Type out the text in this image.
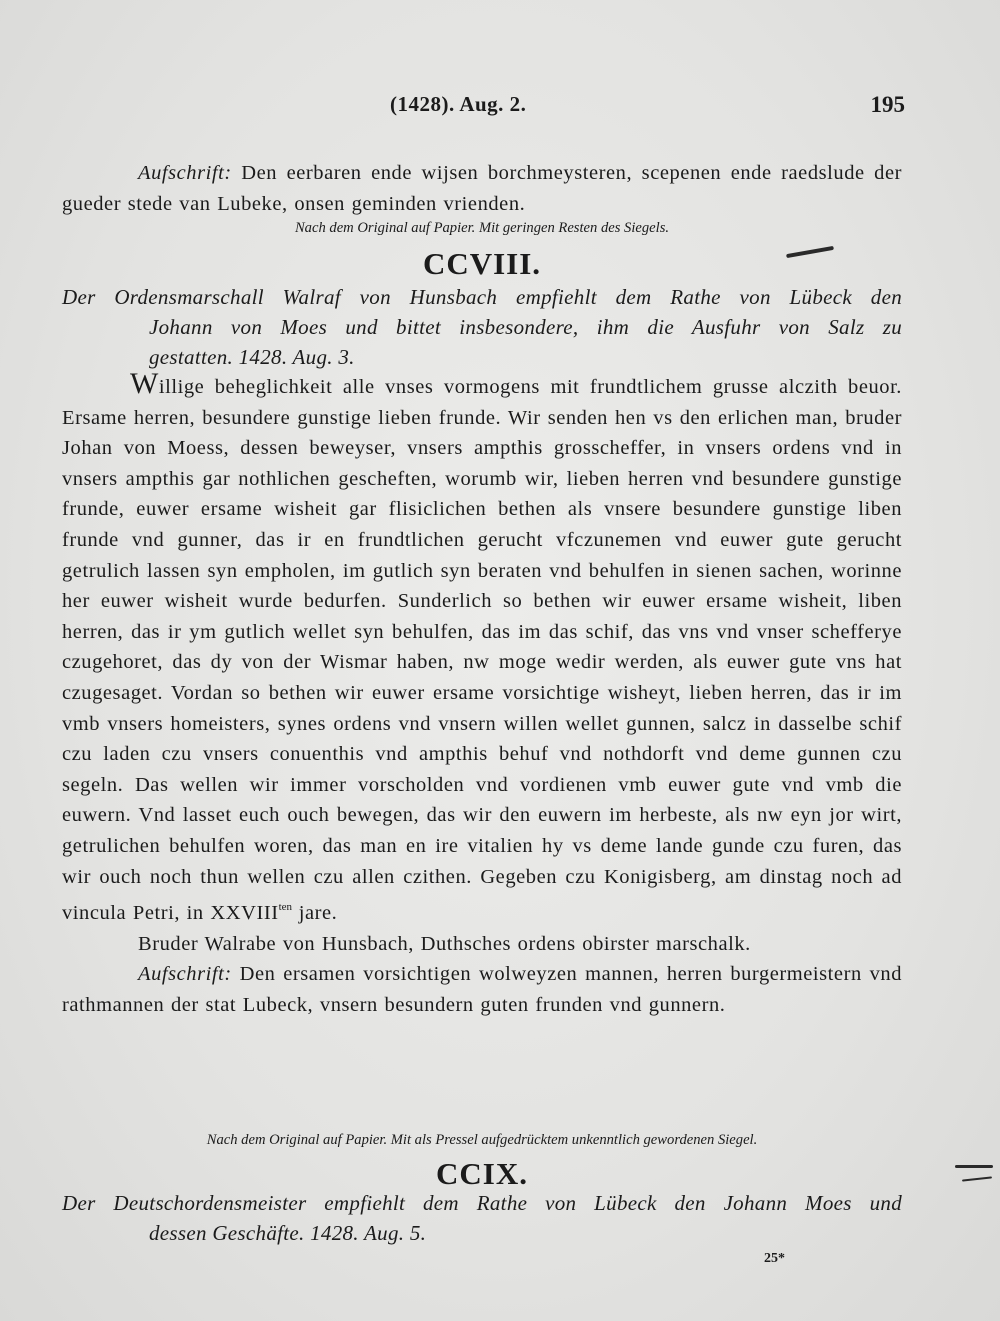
(1428). Aug. 2.	195
Aufschrift: Den eerbaren ende wijsen borchmeysteren, scepenen ende raedslude der gueder stede van Lubeke, onsen geminden vrienden.
Nach dem Original auf Papier. Mit geringen Resten des Siegels.
CCVIII.
Der Ordensmarschall Walraf von Hunsbach empfiehlt dem Rathe von Lübeck den
Johann von Moes und bittet insbesondere, ihm die Ausfuhr von Salz zu
gestatten. 1428. Aug. 3.
Willige beheglichkeit alle vnses vormogens mit frundtlichem grusse alczith beuor. Ersame herren, besundere gunstige lieben frunde. Wir senden hen vs den erlichen man, bruder Johan von Moess, dessen beweyser, vnsers ampthis grosscheffer, in vnsers ordens vnd in vnsers ampthis gar nothlichen gescheften, worumb wir, lieben herren vnd besundere gunstige frunde, euwer ersame wisheit gar flisiclichen bethen als vnsere besundere gunstige liben frunde vnd gunner, das ir en frundtlichen gerucht vfczunemen vnd euwer gute gerucht getrulich lassen syn empholen, im gutlich syn beraten vnd behulfen in sienen sachen, worinne her euwer wisheit wurde bedurfen. Sunderlich so bethen wir euwer ersame wisheit, liben herren, das ir ym gutlich wellet syn behulfen, das im das schif, das vns vnd vnser schefferye czugehoret, das dy von der Wismar haben, nw moge wedir werden, als euwer gute vns hat czugesaget. Vordan so bethen wir euwer ersame vorsichtige wisheyt, lieben herren, das ir im vmb vnsers homeisters, synes ordens vnd vnsern willen wellet gunnen, salcz in dasselbe schif czu laden czu vnsers conuenthis vnd ampthis behuf vnd nothdorft vnd deme gunnen czu segeln. Das wellen wir immer vorscholden vnd vordienen vmb euwer gute vnd vmb die euwern. Vnd lasset euch ouch bewegen, das wir den euwern im herbeste, als nw eyn jor wirt, getrulichen behulfen woren, das man en ire vitalien hy vs deme lande gunde czu furen, das wir ouch noch thun wellen czu allen czithen. Gegeben czu Konigisberg, am dinstag noch ad vincula Petri, in $XXVIII^{ten}$ jare.
Bruder Walrabe von Hunsbach, Duthsches ordens obirster marschalk.
Aufschrift: Den ersamen vorsichtigen wolweyzen mannen, herren burgermeistern vnd rathmannen der stat Lubeck, vnsern besundern guten frunden vnd gunnern.
Nach dem Original auf Papier. Mit als Pressel aufgedrücktem unkenntlich gewordenen Siegel.
CCIX.
Der Deutschordensmeister empfiehlt dem Rathe von Lübeck den Johann Moes und
dessen Geschäfte. 1428. Aug. 5.
25*
